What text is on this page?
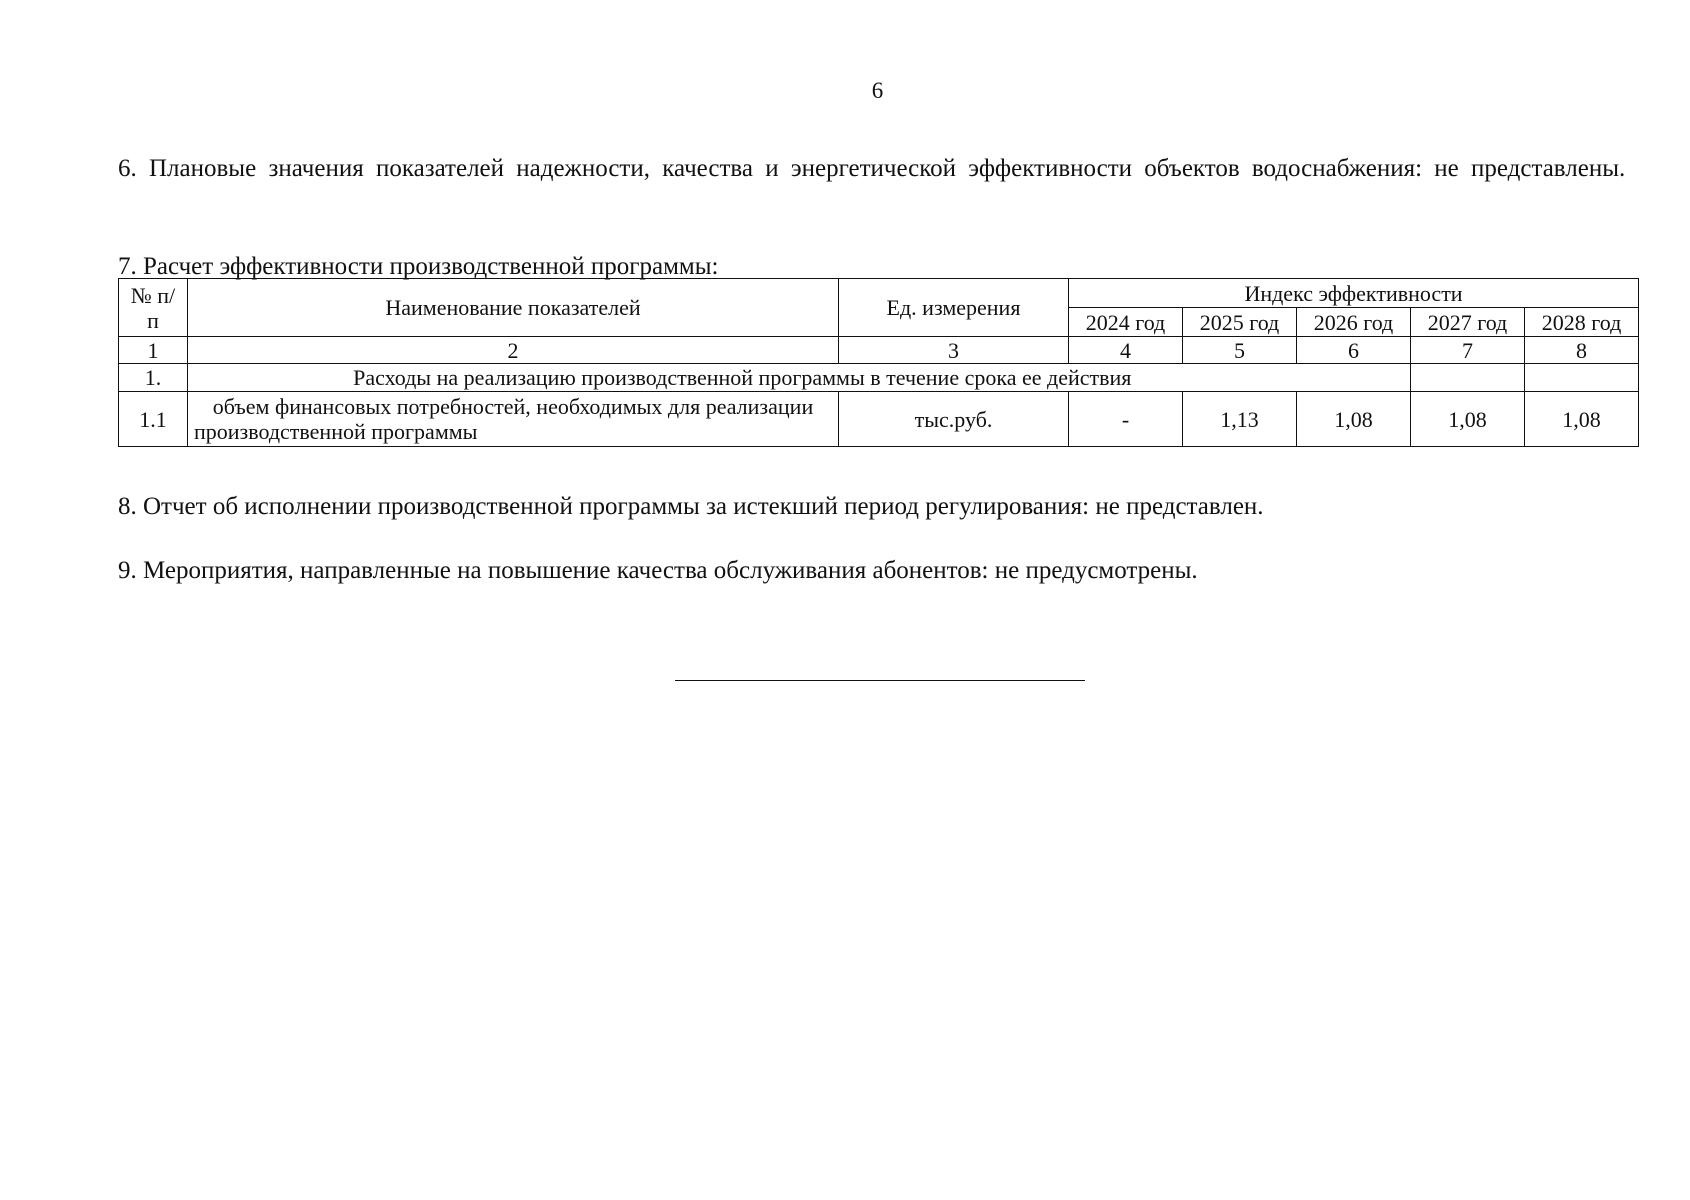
6
6. Плановые значения показателей надежности, качества и энергетической эффективности объектов водоснабжения: не представлены.
7. Расчет эффективности производственной программы:
№ п/п	Наименование показателей	Ед. измерения	Индекс эффективности				
			2024 год	2025 год	2026 год	2027 год	2028 год
1	2	3	4	5	6	7	8
1.	Расходы на реализацию производственной программы в течение срока ее действия						
1.1	объем финансовых потребностей, необходимых для реализации производственной программы	тыс.руб.	-	1,13	1,08	1,08	1,08
8. Отчет об исполнении производственной программы за истекший период регулирования: не представлен.
9. Мероприятия, направленные на повышение качества обслуживания абонентов: не предусмотрены.
